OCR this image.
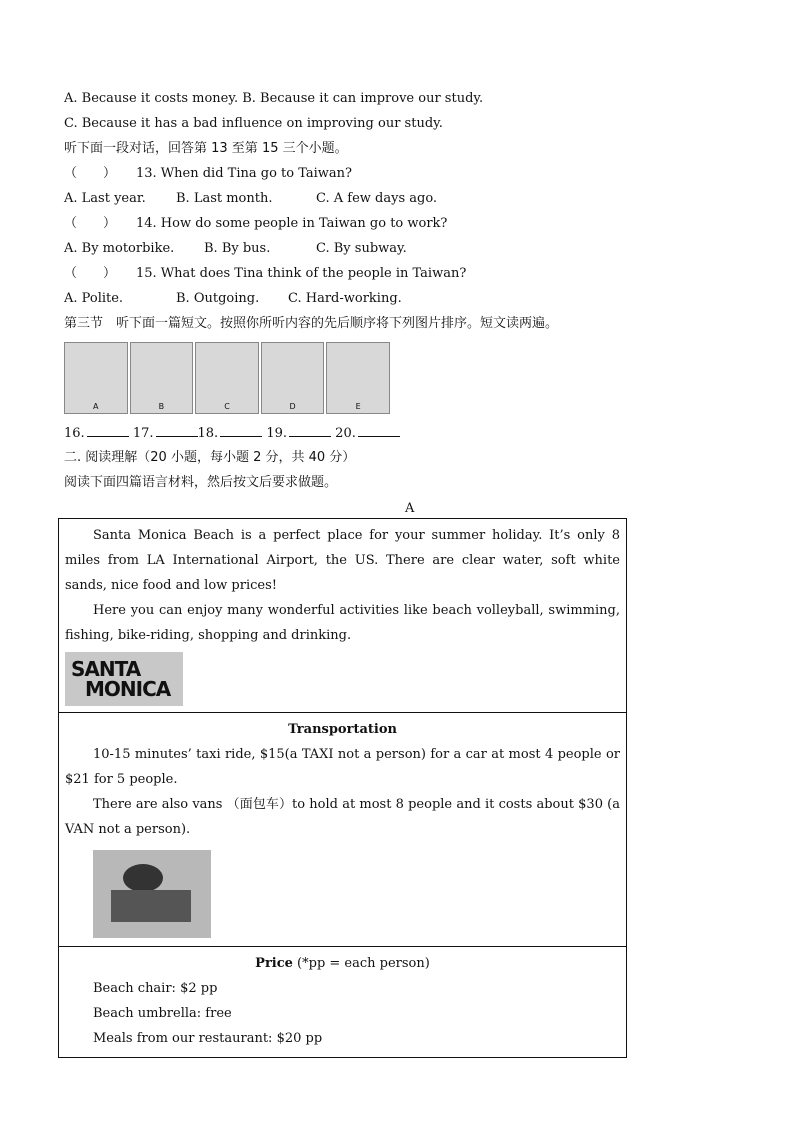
A. Because it costs money. B. Because it can improve our study.
C. Because it has a bad influence on improving our study.
听下面一段对话，回答第 13 至第 15 三个小题。
（　　） 13. When did Tina go to Taiwan?
A. Last year. B. Last month.	C. A few days ago.
（　　） 14. How do some people in Taiwan go to work?
A. By motorbike. B. By bus.	C. By subway.
（　　） 15. What does Tina think of the people in Taiwan?
A. Polite.	B. Outgoing. C. Hard-working.
第三节　听下面一篇短文。按照你所听内容的先后顺序将下列图片排序。短文读两遍。
A	B	C	D	E
16.	17.	18.	19.	20.
二. 阅读理解（20 小题，每小题 2 分，共 40 分）
阅读下面四篇语言材料，然后按文后要求做题。
A
Santa Monica Beach is a perfect place for your summer holiday. It’s only 8 miles from LA International Airport, the US. There are clear water, soft white sands, nice food and low prices!
Here you can enjoy many wonderful activities like beach volleyball, swimming, fishing, bike-riding, shopping and drinking.
SANTA
MONICA
Transportation
10-15 minutes’ taxi ride, $15(a TAXI not a person) for a car at most 4 people or $21 for 5 people.
There are also vans （面包车）to hold at most 8 people and it costs about $30 (a VAN not a person).
Price (*pp = each person)
Beach chair: $2 pp
Beach umbrella: free
Meals from our restaurant: $20 pp
